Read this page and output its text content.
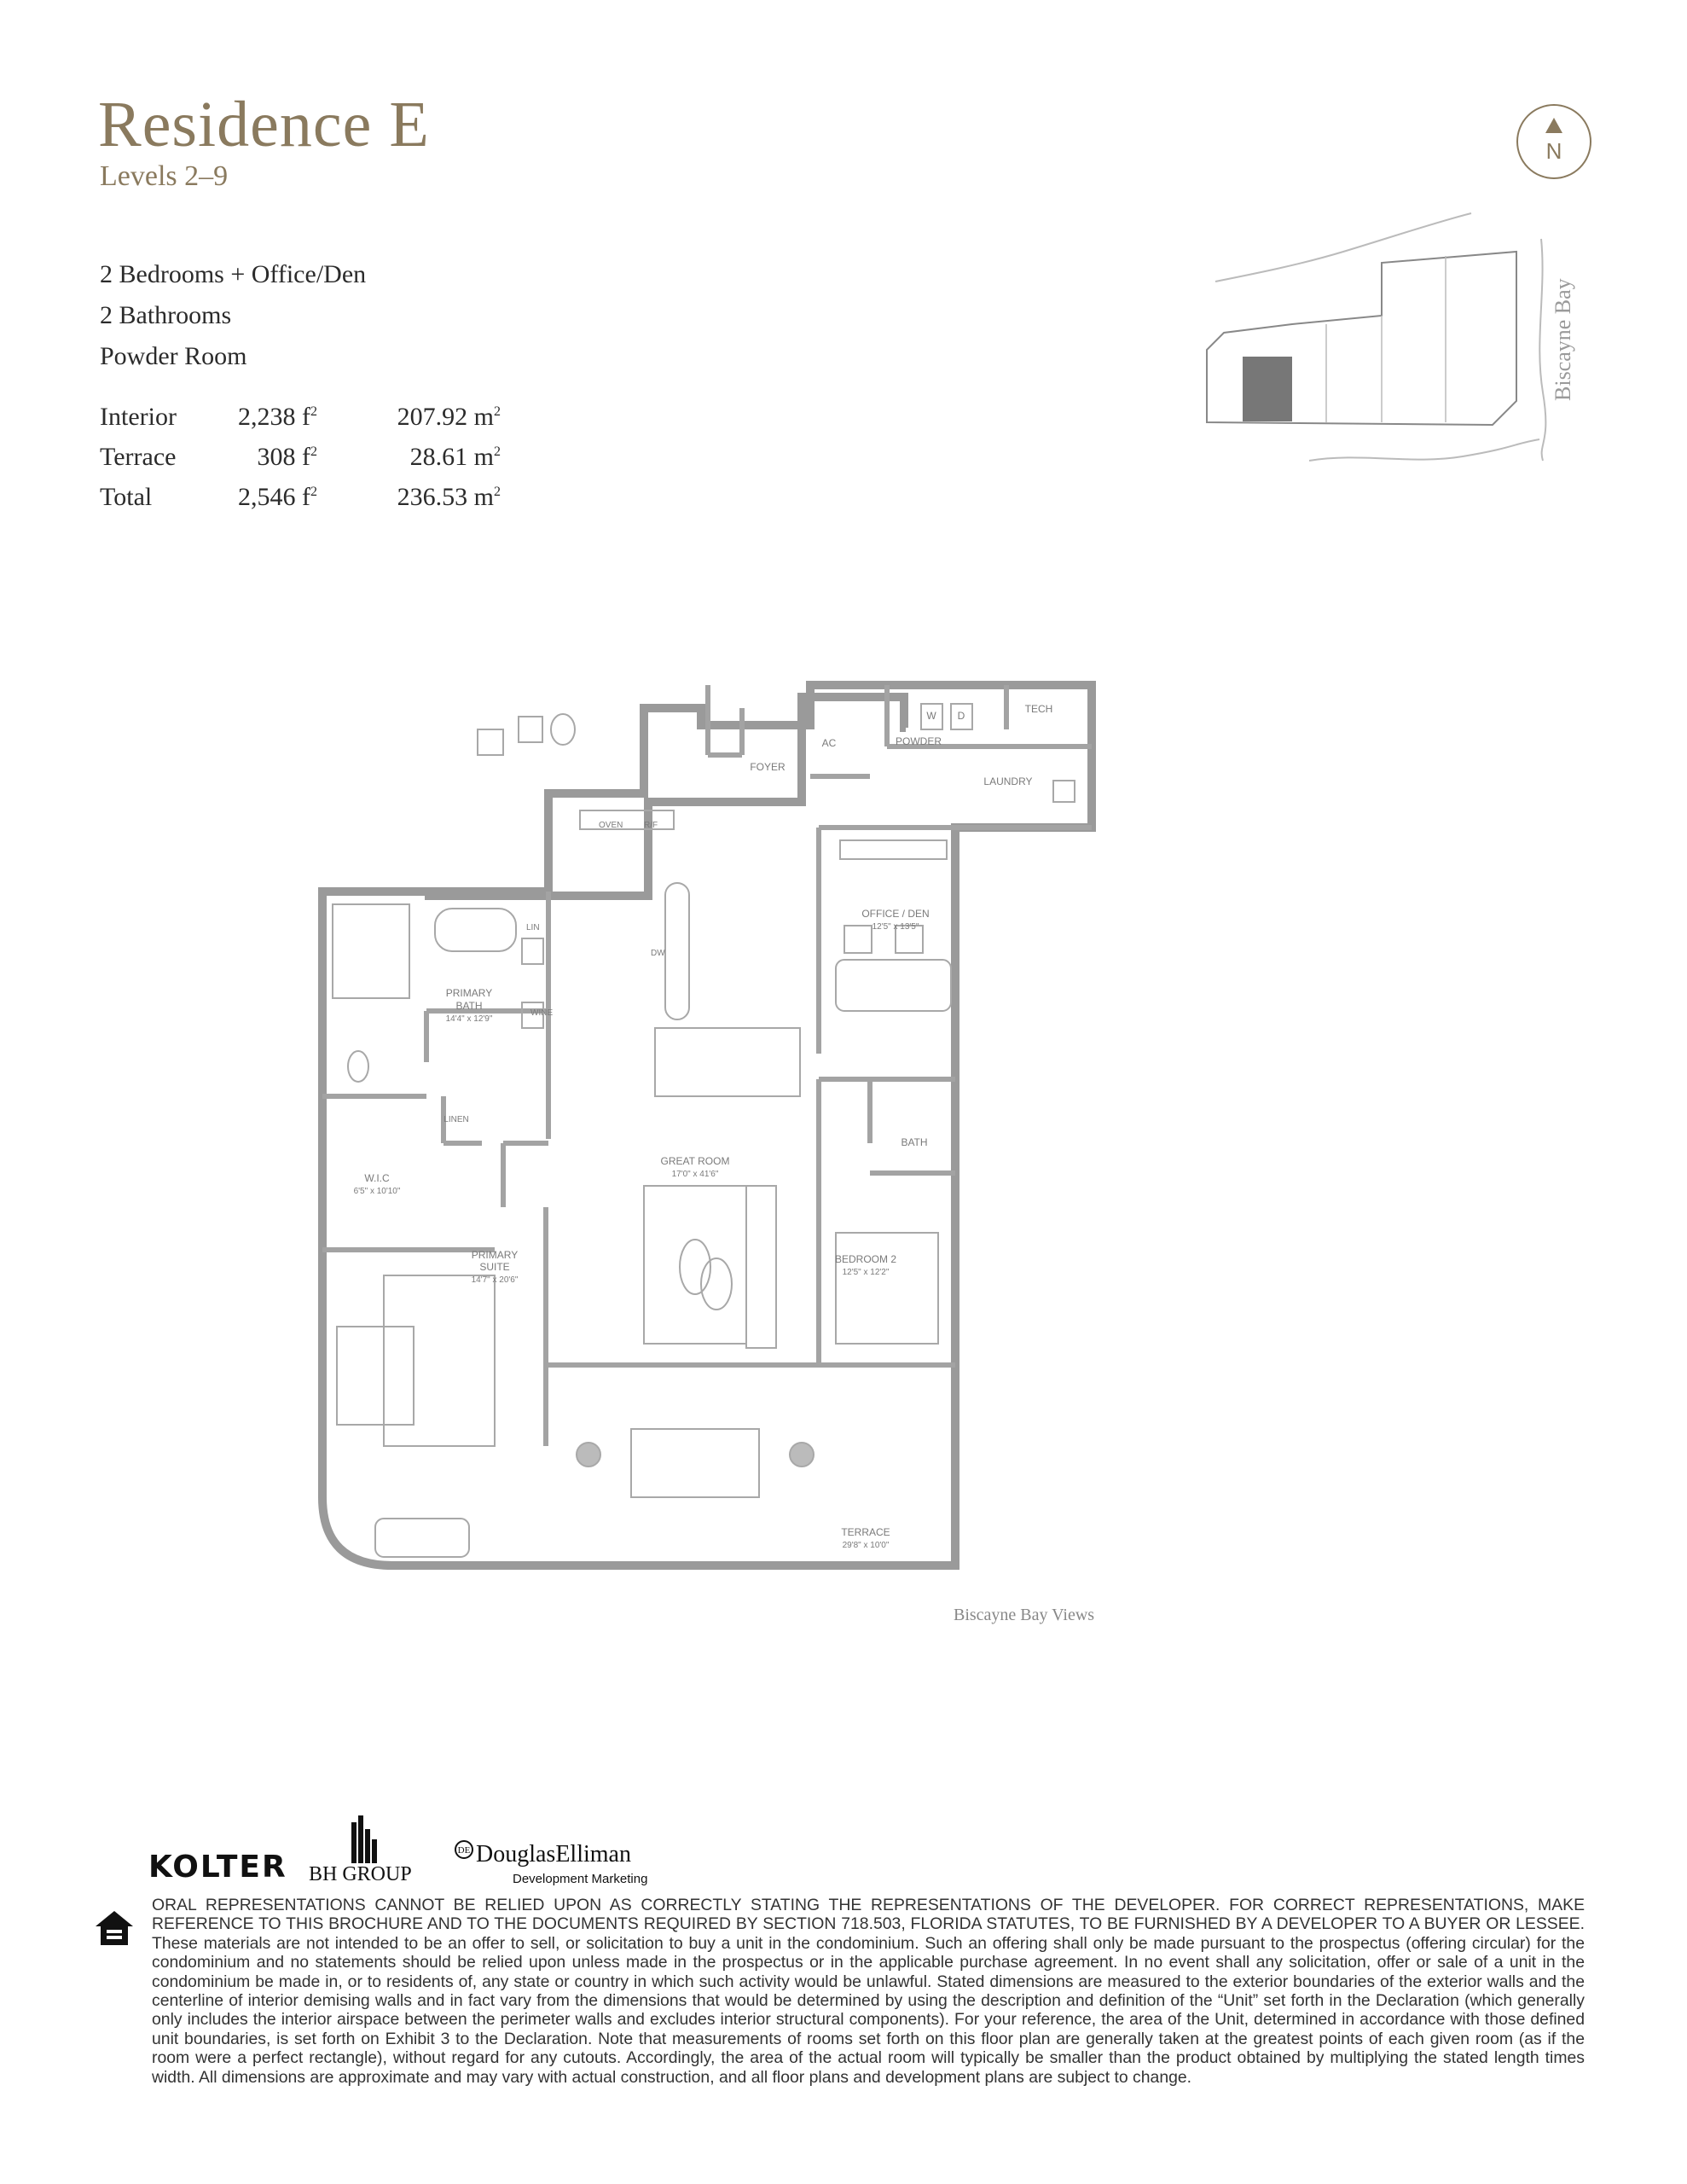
Residence E
Levels 2–9
2 Bedrooms + Office/Den
2 Bathrooms
Powder Room
Interior 2,238 $f^2$	207.92 $m^2$
Terrace	308 $f^2$	28.61 $m^2$
Total	2,546 $f^2$	236.53 $m^2$
N
Biscayne Bay
FOYER
AC	POWDER
W D
TECH
LAUNDRY
OVEN R/F
LIN
WINE
DW
PRIMARY
BATH
14'4" x 12'9"
OFFICE / DEN
12'5" x 13'5"
LINEN
W.I.C
6'5" x 10'10"
GREAT ROOM
17'0" x 41'6"
BATH
PRIMARY
SUITE
14'7" x 20'6"
BEDROOM 2
12'5" x 12'2"
TERRACE
29'8" x 10'0"
Biscayne Bay Views
KOLTER BH GROUP
DE DouglasElliman
Development Marketing
ORAL REPRESENTATIONS CANNOT BE RELIED UPON AS CORRECTLY STATING THE REPRESENTATIONS OF THE DEVELOPER. FOR CORRECT REPRESENTATIONS, MAKE REFERENCE TO THIS BROCHURE AND TO THE DOCUMENTS REQUIRED BY SECTION 718.503, FLORIDA STATUTES, TO BE FURNISHED BY A DEVELOPER TO A BUYER OR LESSEE. These materials are not intended to be an offer to sell, or solicitation to buy a unit in the condominium. Such an offering shall only be made pursuant to the prospectus (offering circular) for the condominium and no statements should be relied upon unless made in the prospectus or in the applicable purchase agreement. In no event shall any solicitation, offer or sale of a unit in the condominium be made in, or to residents of, any state or country in which such activity would be unlawful. Stated dimensions are measured to the exterior boundaries of the exterior walls and the centerline of interior demising walls and in fact vary from the dimensions that would be determined by using the description and definition of the “Unit” set forth in the Declaration (which generally only includes the interior airspace between the perimeter walls and excludes interior structural components). For your reference, the area of the Unit, determined in accordance with those defined unit boundaries, is set forth on Exhibit 3 to the Declaration. Note that measurements of rooms set forth on this floor plan are generally taken at the greatest points of each given room (as if the room were a perfect rectangle), without regard for any cutouts. Accordingly, the area of the actual room will typically be smaller than the product obtained by multiplying the stated length times width. All dimensions are approximate and may vary with actual construction, and all floor plans and development plans are subject to change.
